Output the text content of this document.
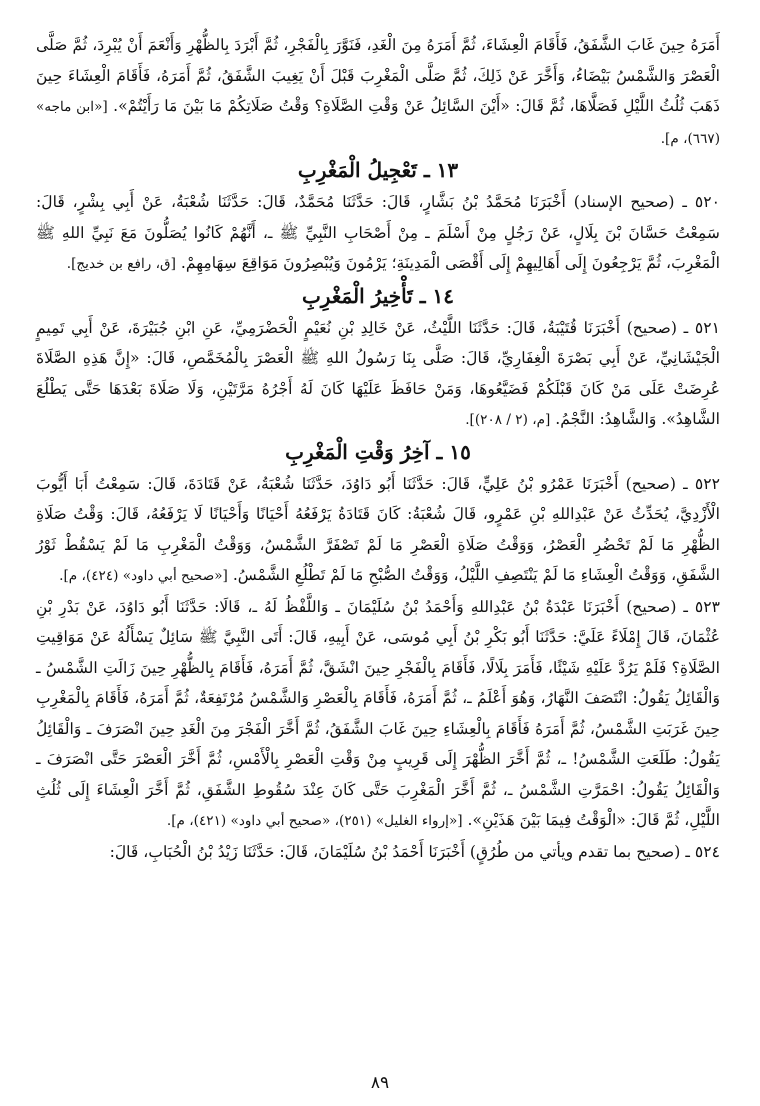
أَمَرَهُ حِينَ غَابَ الشَّفَقُ، فَأَقَامَ الْعِشَاءَ، ثُمَّ أَمَرَهُ مِنَ الْغَدِ، فَنَوَّرَ بِالْفَجْرِ، ثُمَّ أَبْرَدَ بِالظُّهْرِ وَأَنْعَمَ أَنْ يُبْرِدَ، ثُمَّ صَلَّى الْعَصْرَ وَالشَّمْسُ بَيْضَاءُ، وَأَخَّرَ عَنْ ذَلِكَ، ثُمَّ صَلَّى الْمَغْرِبَ قَبْلَ أَنْ يَغِيبَ الشَّفَقُ، ثُمَّ أَمَرَهُ، فَأَقَامَ الْعِشَاءَ حِينَ ذَهَبَ ثُلُثُ اللَّيْلِ فَصَلَّاهَا، ثُمَّ قَالَ: «أَيْنَ السَّائِلُ عَنْ وَقْتِ الصَّلَاةِ؟ وَقْتُ صَلَاتِكُمْ مَا بَيْنَ مَا رَأَيْتُمْ». [«ابن ماجه» (٦٦٧)، م].

١٣ ـ تَعْجِيلُ الْمَغْرِبِ

٥٢٠ ـ (صحيح الإسناد) أَخْبَرَنَا مُحَمَّدُ بْنُ بَشَّارٍ، قَالَ: حَدَّثَنَا مُحَمَّدٌ، قَالَ: حَدَّثَنَا شُعْبَةُ، عَنْ أَبِي بِشْرٍ، قَالَ: سَمِعْتُ حَسَّانَ بْنَ بِلَالٍ، عَنْ رَجُلٍ مِنْ أَسْلَمَ ـ مِنْ أَصْحَابِ النَّبِيِّ ﷺ ـ، أَنَّهُمْ كَانُوا يُصَلُّونَ مَعَ نَبِيِّ اللهِ ﷺ الْمَغْرِبَ، ثُمَّ يَرْجِعُونَ إِلَى أَهَالِيهِمْ إِلَى أَقْصَى الْمَدِينَةِ؛ يَرْمُونَ وَيُبْصِرُونَ مَوَاقِعَ سِهَامِهِمْ. [ق، رافع بن خديج].

١٤ ـ تَأْخِيرُ الْمَغْرِبِ

٥٢١ ـ (صحيح) أَخْبَرَنَا قُتَيْبَةُ، قَالَ: حَدَّثَنَا اللَّيْثُ، عَنْ خَالِدِ بْنِ نُعَيْمٍ الْحَضْرَمِيِّ، عَنِ ابْنِ جُبَيْرَةَ، عَنْ أَبِي تَمِيمٍ الْجَيْشَانِيِّ، عَنْ أَبِي بَصْرَةَ الْغِفَارِيِّ، قَالَ: صَلَّى بِنَا رَسُولُ اللهِ ﷺ الْعَصْرَ بِالْمُخَمَّصِ، قَالَ: «إِنَّ هَذِهِ الصَّلَاةَ عُرِضَتْ عَلَى مَنْ كَانَ قَبْلَكُمْ فَضَيَّعُوهَا، وَمَنْ حَافَظَ عَلَيْهَا كَانَ لَهُ أَجْرُهُ مَرَّتَيْنِ، وَلَا صَلَاةَ بَعْدَهَا حَتَّى يَطْلُعَ الشَّاهِدُ». وَالشَّاهِدُ: النَّجْمُ. [م، (٢ / ٢٠٨)].

١٥ ـ آخِرُ وَقْتِ الْمَغْرِبِ

٥٢٢ ـ (صحيح) أَخْبَرَنَا عَمْرُو بْنُ عَلِيٍّ، قَالَ: حَدَّثَنَا أَبُو دَاوُدَ، حَدَّثَنَا شُعْبَةُ، عَنْ قَتَادَةَ، قَالَ: سَمِعْتُ أَبَا أَيُّوبَ الْأَزْدِيَّ، يُحَدِّثُ عَنْ عَبْدِاللهِ بْنِ عَمْرٍو، قَالَ شُعْبَةُ: كَانَ قَتَادَةُ يَرْفَعُهُ أَحْيَانًا وَأَحْيَانًا لَا يَرْفَعُهُ، قَالَ: وَقْتُ صَلَاةِ الظُّهْرِ مَا لَمْ تَحْضُرِ الْعَصْرُ، وَوَقْتُ صَلَاةِ الْعَصْرِ مَا لَمْ تَصْفَرَّ الشَّمْسُ، وَوَقْتُ الْمَغْرِبِ مَا لَمْ يَسْقُطْ ثَوْرُ الشَّفَقِ، وَوَقْتُ الْعِشَاءِ مَا لَمْ يَنْتَصِفِ اللَّيْلُ، وَوَقْتُ الصُّبْحِ مَا لَمْ تَطْلُعِ الشَّمْسُ. [«صحيح أبي داود» (٤٢٤)، م].

٥٢٣ ـ (صحيح) أَخْبَرَنَا عَبْدَةُ بْنُ عَبْدِاللهِ وَأَحْمَدُ بْنُ سُلَيْمَانَ ـ وَاللَّفْظُ لَهُ ـ، قَالَا: حَدَّثَنَا أَبُو دَاوُدَ، عَنْ بَدْرِ بْنِ عُثْمَانَ، قَالَ إِمْلَاءً عَلَيَّ: حَدَّثَنَا أَبُو بَكْرِ بْنُ أَبِي مُوسَى، عَنْ أَبِيهِ، قَالَ: أَتَى النَّبِيَّ ﷺ سَائِلٌ يَسْأَلُهُ عَنْ مَوَاقِيتِ الصَّلَاةِ؟ فَلَمْ يَرُدَّ عَلَيْهِ شَيْئًا، فَأَمَرَ بِلَالًا، فَأَقَامَ بِالْفَجْرِ حِينَ انْشَقَّ، ثُمَّ أَمَرَهُ، فَأَقَامَ بِالظُّهْرِ حِينَ زَالَتِ الشَّمْسُ ـ وَالْقَائِلُ يَقُولُ: انْتَصَفَ النَّهَارُ، وَهُوَ أَعْلَمُ ـ، ثُمَّ أَمَرَهُ، فَأَقَامَ بِالْعَصْرِ وَالشَّمْسُ مُرْتَفِعَةٌ، ثُمَّ أَمَرَهُ، فَأَقَامَ بِالْمَغْرِبِ حِينَ غَرَبَتِ الشَّمْسُ، ثُمَّ أَمَرَهُ فَأَقَامَ بِالْعِشَاءِ حِينَ غَابَ الشَّفَقُ، ثُمَّ أَخَّرَ الْفَجْرَ مِنَ الْغَدِ حِينَ انْصَرَفَ ـ وَالْقَائِلُ يَقُولُ: طَلَعَتِ الشَّمْسُ! ـ، ثُمَّ أَخَّرَ الظُّهْرَ إِلَى قَرِيبٍ مِنْ وَقْتِ الْعَصْرِ بِالْأَمْسِ، ثُمَّ أَخَّرَ الْعَصْرَ حَتَّى انْصَرَفَ ـ وَالْقَائِلُ يَقُولُ: احْمَرَّتِ الشَّمْسُ ـ، ثُمَّ أَخَّرَ الْمَغْرِبَ حَتَّى كَانَ عِنْدَ سُقُوطِ الشَّفَقِ، ثُمَّ أَخَّرَ الْعِشَاءَ إِلَى ثُلُثِ اللَّيْلِ، ثُمَّ قَالَ: «الْوَقْتُ فِيمَا بَيْنَ هَذَيْنِ». [«إرواء الغليل» (٢٥١)، «صحيح أبي داود» (٤٢١)، م].

٥٢٤ ـ (صحيح بما تقدم ويأتي من طُرُقٍ) أَخْبَرَنَا أَحْمَدُ بْنُ سُلَيْمَانَ، قَالَ: حَدَّثَنَا زَيْدُ بْنُ الْحُبَابِ، قَالَ:

٨٩
